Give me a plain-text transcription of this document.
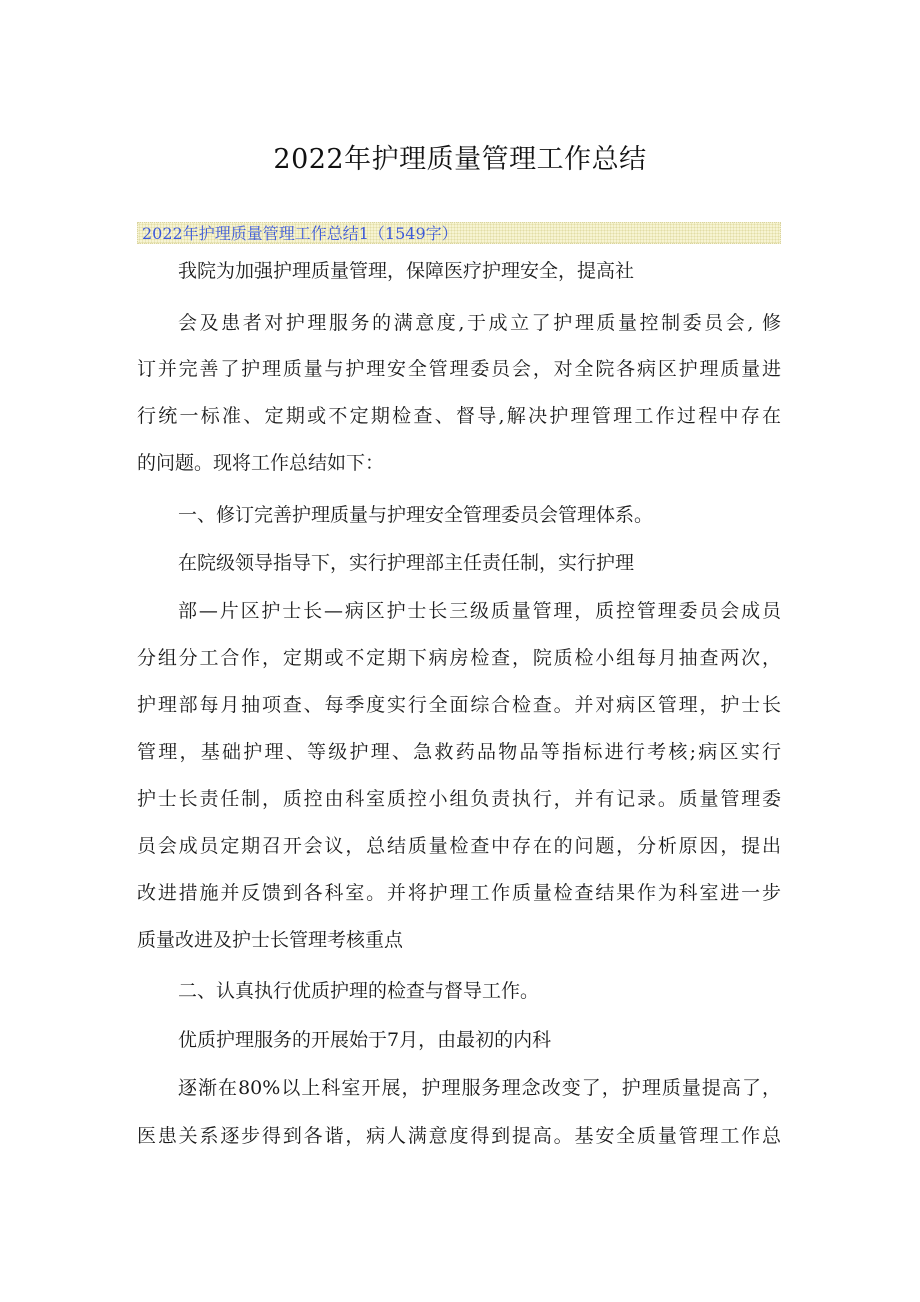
2022年护理质量管理工作总结
2022年护理质量管理工作总结1（1549字）
我院为加强护理质量管理，保障医疗护理安全，提高社
会及患者对护理服务的满意度,于成立了护理质量控制委员会, 修
订并完善了护理质量与护理安全管理委员会，对全院各病区护理质量进
行统一标准、定期或不定期检查、督导,解决护理管理工作过程中存在
的问题。现将工作总结如下：
一、修订完善护理质量与护理安全管理委员会管理体系。
在院级领导指导下，实行护理部主任责任制，实行护理
部—片区护士长—病区护士长三级质量管理，质控管理委员会成员
分组分工合作，定期或不定期下病房检查，院质检小组每月抽查两次，
护理部每月抽项查、每季度实行全面综合检查。并对病区管理，护士长
管理，基础护理、等级护理、急救药品物品等指标进行考核;病区实行
护士长责任制，质控由科室质控小组负责执行，并有记录。质量管理委
员会成员定期召开会议，总结质量检查中存在的问题，分析原因，提出
改进措施并反馈到各科室。并将护理工作质量检查结果作为科室进一步
质量改进及护士长管理考核重点
二、认真执行优质护理的检查与督导工作。
优质护理服务的开展始于7月，由最初的内科
逐渐在80%以上科室开展，护理服务理念改变了，护理质量提高了，
医患关系逐步得到各谐，病人满意度得到提高。基安全质量管理工作总
